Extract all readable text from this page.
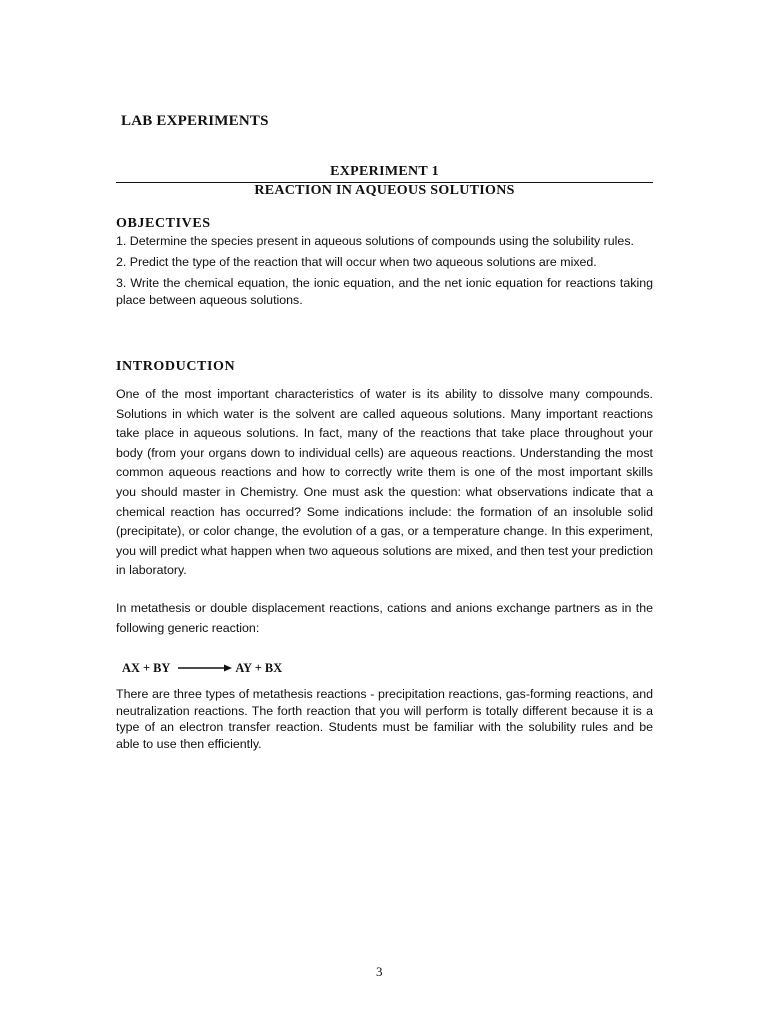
LAB EXPERIMENTS
EXPERIMENT 1
REACTION IN AQUEOUS SOLUTIONS
OBJECTIVES
1. Determine the species present in aqueous solutions of compounds using the solubility rules.
2. Predict the type of the reaction that will occur when two aqueous solutions are mixed.
3. Write the chemical equation, the ionic equation, and the net ionic equation for reactions taking place between aqueous solutions.
INTRODUCTION
One of the most important characteristics of water is its ability to dissolve many compounds. Solutions in which water is the solvent are called aqueous solutions. Many important reactions take place in aqueous solutions. In fact, many of the reactions that take place throughout your body (from your organs down to individual cells) are aqueous reactions. Understanding the most common aqueous reactions and how to correctly write them is one of the most important skills you should master in Chemistry. One must ask the question: what observations indicate that a chemical reaction has occurred? Some indications include: the formation of an insoluble solid (precipitate), or color change, the evolution of a gas, or a temperature change. In this experiment, you will predict what happen when two aqueous solutions are mixed, and then test your prediction in laboratory.
In metathesis or double displacement reactions, cations and anions exchange partners as in the following generic reaction:
AX + BY	AY + BX
There are three types of metathesis reactions - precipitation reactions, gas-forming reactions, and neutralization reactions. The forth reaction that you will perform is totally different because it is a type of an electron transfer reaction. Students must be familiar with the solubility rules and be able to use then efficiently.
3
